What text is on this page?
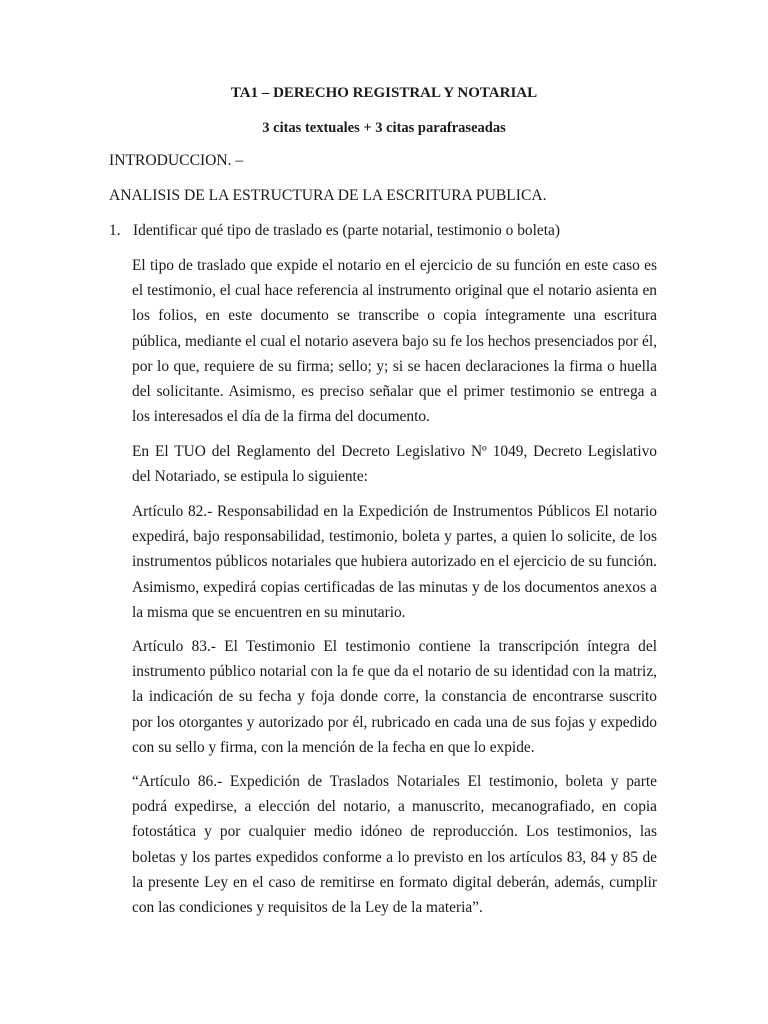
TA1 – DERECHO REGISTRAL Y NOTARIAL
3 citas textuales + 3 citas parafraseadas
INTRODUCCION. –
ANALISIS DE LA ESTRUCTURA DE LA ESCRITURA PUBLICA.
1. Identificar qué tipo de traslado es (parte notarial, testimonio o boleta)

El tipo de traslado que expide el notario en el ejercicio de su función en este caso es el testimonio, el cual hace referencia al instrumento original que el notario asienta en los folios, en este documento se transcribe o copia íntegramente una escritura pública, mediante el cual el notario asevera bajo su fe los hechos presenciados por él, por lo que, requiere de su firma; sello; y; si se hacen declaraciones la firma o huella del solicitante. Asimismo, es preciso señalar que el primer testimonio se entrega a los interesados el día de la firma del documento.

En El TUO del Reglamento del Decreto Legislativo Nº 1049, Decreto Legislativo del Notariado, se estipula lo siguiente:

Artículo 82.- Responsabilidad en la Expedición de Instrumentos Públicos El notario expedirá, bajo responsabilidad, testimonio, boleta y partes, a quien lo solicite, de los instrumentos públicos notariales que hubiera autorizado en el ejercicio de su función. Asimismo, expedirá copias certificadas de las minutas y de los documentos anexos a la misma que se encuentren en su minutario.

Artículo 83.- El Testimonio El testimonio contiene la transcripción íntegra del instrumento público notarial con la fe que da el notario de su identidad con la matriz, la indicación de su fecha y foja donde corre, la constancia de encontrarse suscrito por los otorgantes y autorizado por él, rubricado en cada una de sus fojas y expedido con su sello y firma, con la mención de la fecha en que lo expide.

“Artículo 86.- Expedición de Traslados Notariales El testimonio, boleta y parte podrá expedirse, a elección del notario, a manuscrito, mecanografiado, en copia fotostática y por cualquier medio idóneo de reproducción. Los testimonios, las boletas y los partes expedidos conforme a lo previsto en los artículos 83, 84 y 85 de la presente Ley en el caso de remitirse en formato digital deberán, además, cumplir con las condiciones y requisitos de la Ley de la materia”.
